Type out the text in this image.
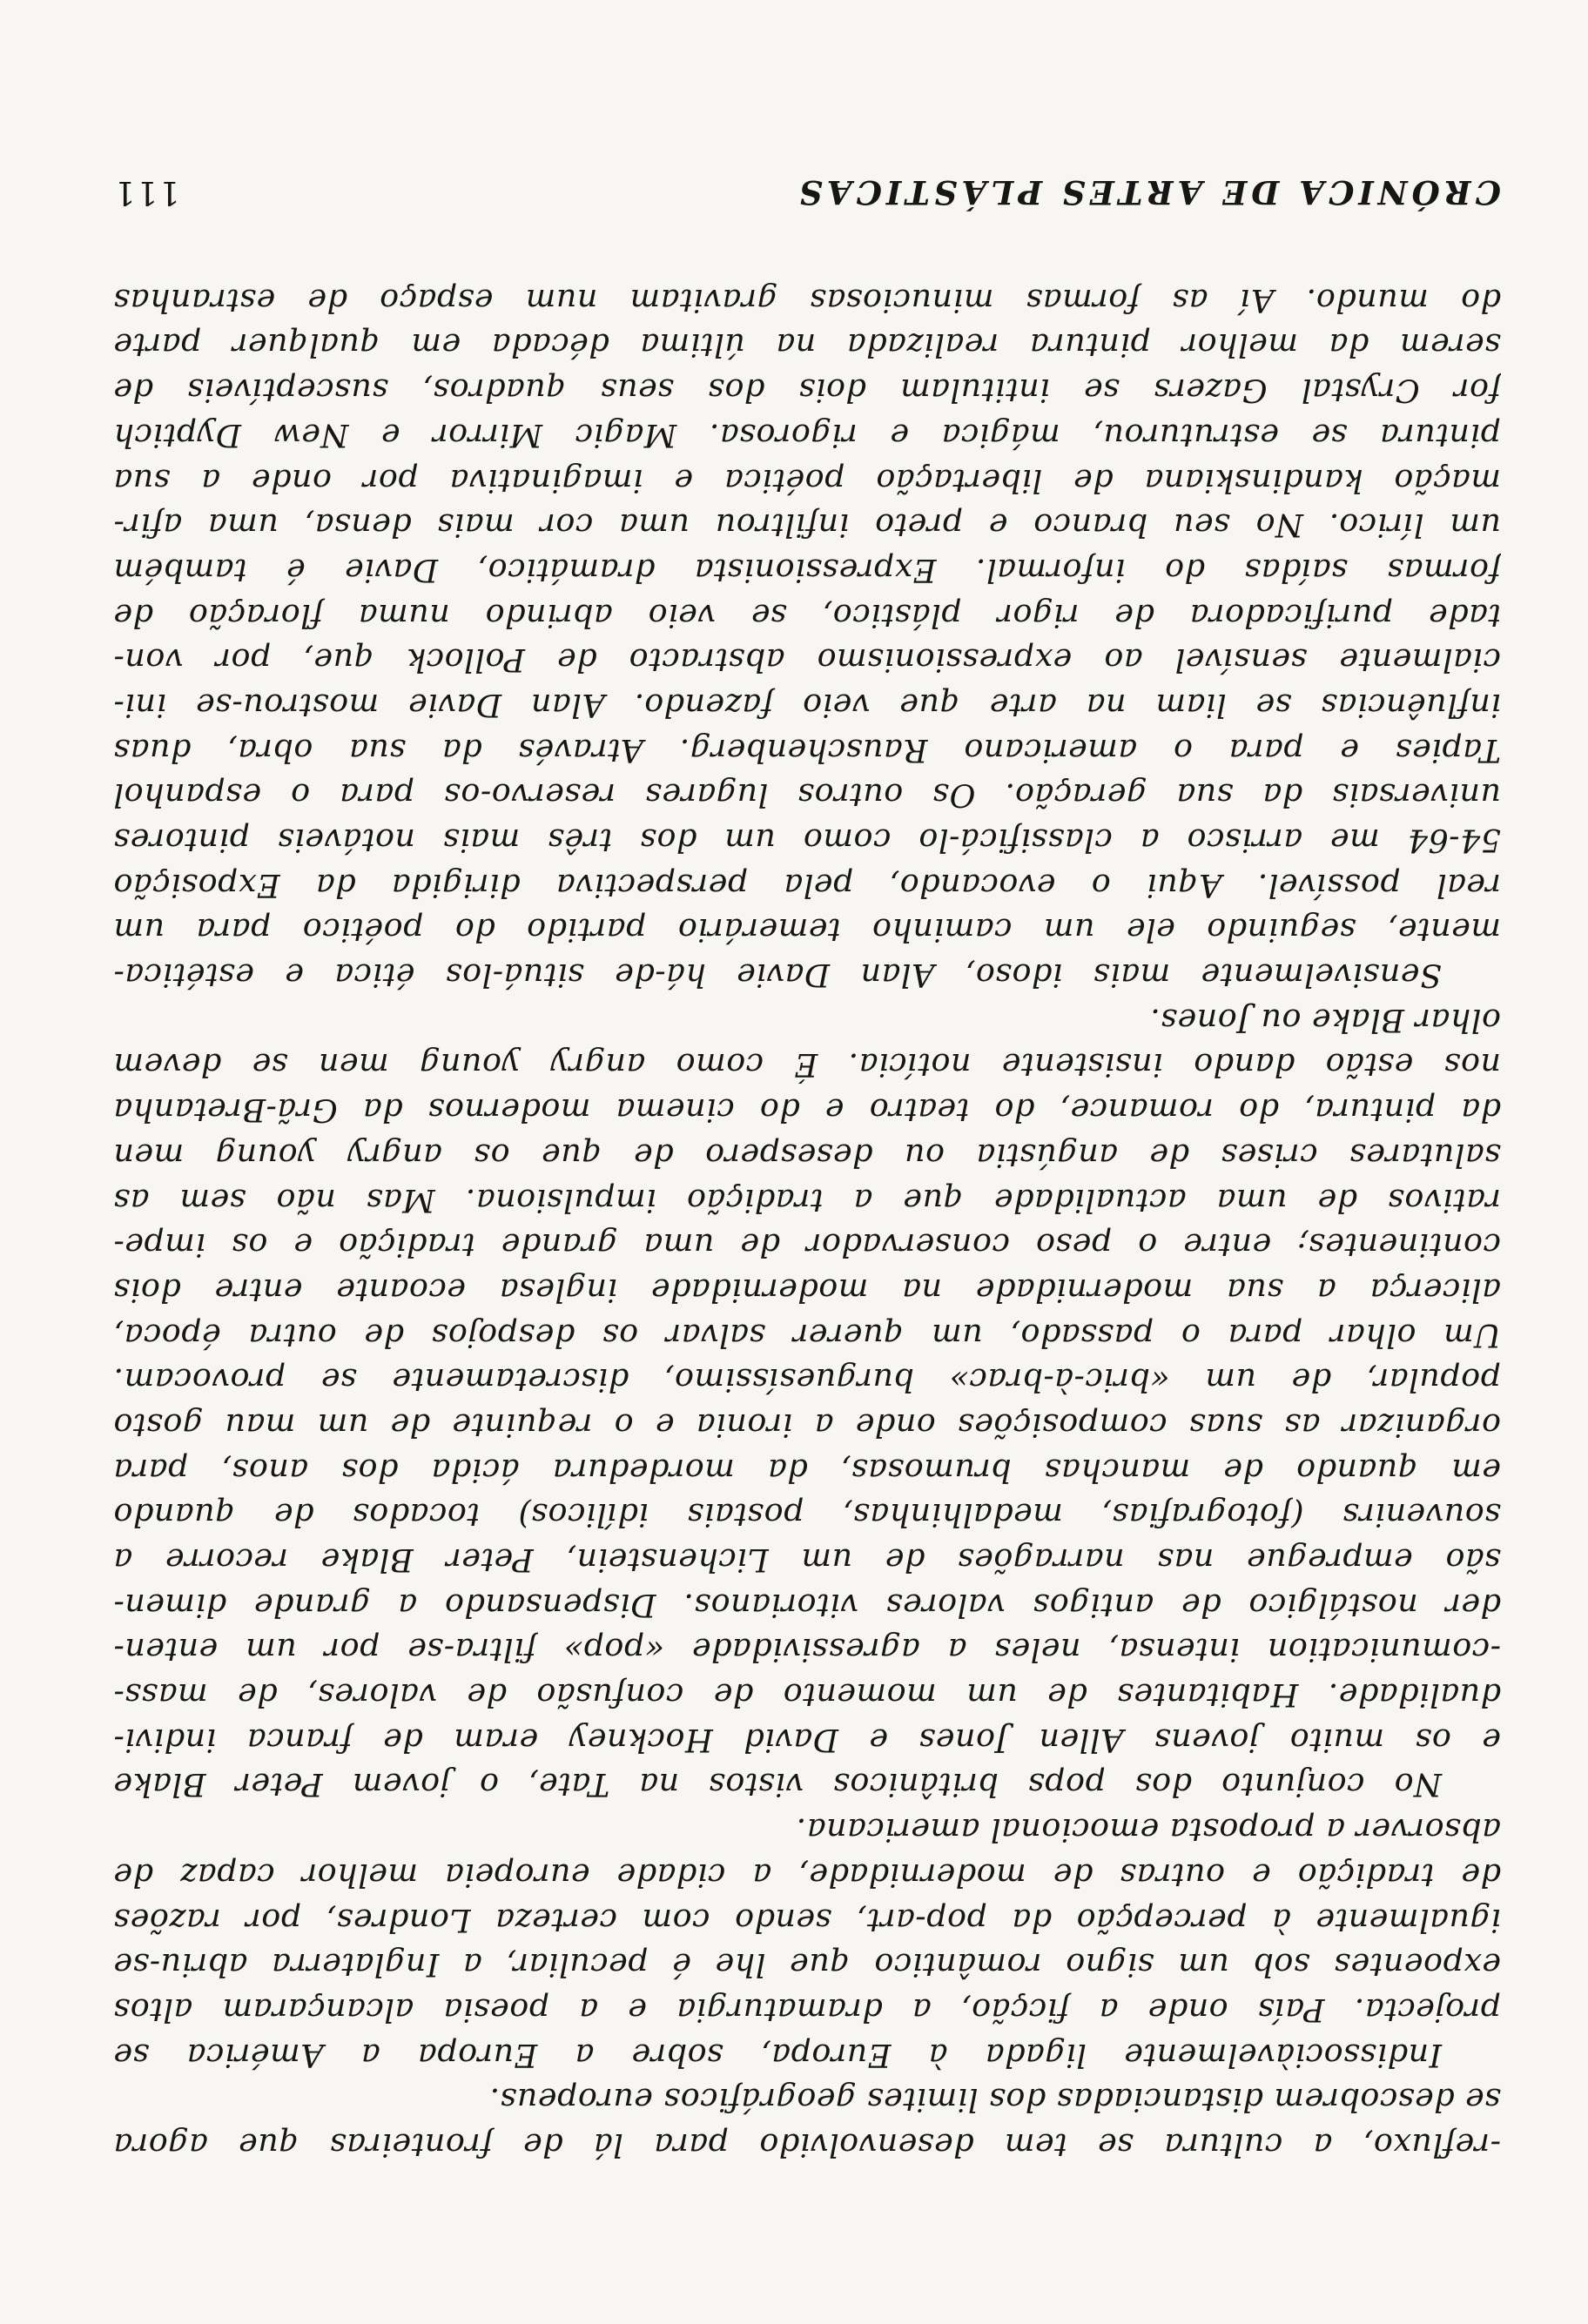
CRÓNICA DE ARTES PLÁSTICAS
111
-refluxo, a cultura se tem desenvolvido para lá de fronteiras que agora
se descobrem distanciadas dos limites geográficos europeus.
Indissociàvelmente ligada à Europa, sobre a Europa a América se
projecta. País onde a ficção, a dramaturgia e a poesia alcançaram altos
expoentes sob um signo romântico que lhe é peculiar, a Inglaterra abriu-se
igualmente à percepção da pop-art, sendo com certeza Londres, por razões
de tradição e outras de modernidade, a cidade europeia melhor capaz de
absorver a proposta emocional americana.
No conjunto dos pops britânicos vistos na Tate, o jovem Peter Blake
e os muito jovens Allen Jones e David Hockney eram de franca indivi-
dualidade. Habitantes de um momento de confusão de valores, de mass-
-comunication intensa, neles a agressividade «pop» filtra-se por um enten-
der nostálgico de antigos valores vitorianos. Dispensando a grande dimen-
são empregue nas narragões de um Lichenstein, Peter Blake recorre a
souvenirs (fotografias, medalhinhas, postais idílicos) tocados de quando
em quando de manchas brumosas, da mordedura ácida dos anos, para
organizar as suas composições onde a ironia e o requinte de um mau gosto
popular, de um «bric-à-brac» burguesíssimo, discretamente se provocam.
Um olhar para o passado, um querer salvar os despojos de outra época,
alicerça a sua modernidade na modernidade inglesa ecoante entre dois
continentes; entre o peso conservador de uma grande tradição e os impe-
rativos de uma actualidade que a tradição impulsiona. Mas não sem as
salutares crises de angústia ou desespero de que os angry young men
da pintura, do romance, do teatro e do cinema modernos da Grã-Bretanha
nos estão dando insistente notícia. É como angry young men se devem
olhar Blake ou Jones.
Sensivelmente mais idoso, Alan Davie há-de situá-los ética e estética-
mente, seguindo ele um caminho temerário partido do poético para um
real possível. Aqui o evocando, pela perspectiva dirigida da Exposição
54-64 me arrisco a classificá-lo como um dos três mais notáveis pintores
universais da sua geração. Os outros lugares reservo-os para o espanhol
Tapies e para o americano Rauschenberg. Através da sua obra, duas
influências se liam na arte que veio fazendo. Alan Davie mostrou-se ini-
cialmente sensível ao expressionismo abstracto de Pollock que, por von-
tade purificadora de rigor plástico, se veio abrindo numa floração de
formas saídas do informal. Expressionista dramático, Davie é também
um lírico. No seu branco e preto infiltrou uma cor mais densa, uma afir-
mação kandinskiana de libertação poética e imaginativa por onde a sua
pintura se estruturou, mágica e rigorosa. Magic Mirror e New Dyptich
for Crystal Gazers se intitulam dois dos seus quadros, susceptíveis de
serem da melhor pintura realizada na última década em qualquer parte
do mundo. Aí as formas minuciosas gravitam num espaço de estranhas
